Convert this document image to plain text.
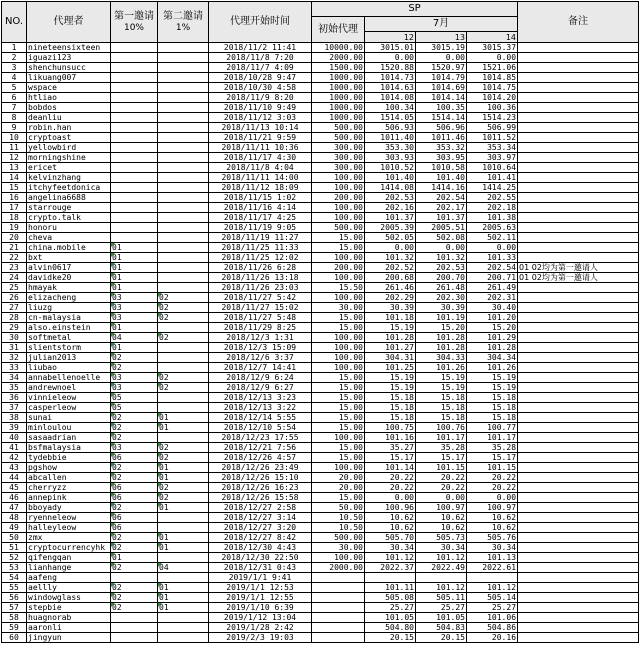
NO.	代理者	第一邀请
10%	第二邀请
1%	代理开始时间	SP				备注
					初始代理	7月			
						12	13	14	
1	nineteensixteen			2018/11/2 11:41	10000.00	3015.01	3015.19	3015.37	
2	iguazi123			2018/11/8 7:20	2000.00	0.00	0.00	0.00	
3	shenchunsucc			2018/11/7 4:09	1500.00	1520.88	1520.97	1521.06	
4	likuang007			2018/10/28 9:47	1000.00	1014.73	1014.79	1014.85	
5	wspace			2018/10/30 4:58	1000.00	1014.63	1014.69	1014.75	
6	htliao			2018/11/9 8:20	1000.00	1014.08	1014.14	1014.20	
7	bobdos			2018/11/10 9:49	1000.00	100.34	100.35	100.36	
8	deanliu			2018/11/12 3:03	1000.00	1514.05	1514.14	1514.23	
9	robin.han			2018/11/13 10:14	500.00	506.93	506.96	506.99	
10	cryptoast			2018/11/21 9:59	500.00	1011.40	1011.46	1011.52	
11	yellowbird			2018/11/11 10:36	300.00	353.30	353.32	353.34	
12	morningshine			2018/11/17 4:30	300.00	303.93	303.95	303.97	
13	ericet			2018/11/8 4:04	300.00	1010.52	1010.58	1010.64	
14	kelvinzhang			2018/11/11 14:00	100.00	101.40	101.40	101.41	
15	itchyfeetdonica			2018/11/12 18:09	100.00	1414.08	1414.16	1414.25	
16	angelina6688			2018/11/15 1:02	200.00	202.53	202.54	202.55	
17	starrouge			2018/11/16 4:14	100.00	202.16	202.17	202.18	
18	crypto.talk			2018/11/17 4:25	100.00	101.37	101.37	101.38	
19	honoru			2018/11/19 9:05	500.00	2005.39	2005.51	2005.63	
20	cheva			2018/11/19 11:27	15.00	502.05	502.08	502.11	
21	china.mobile	01		2018/11/25 11:33	15.00	0.00	0.00	0.00	
22	bxt	01		2018/11/25 12:02	100.00	101.32	101.32	101.33	
23	alvin0617	01		2018/11/26 6:28	200.00	202.52	202.53	202.54	01 02均为第一邀请人
24	davidke20	01		2018/11/26 13:18	100.00	200.68	200.70	200.71	01 02均为第一邀请人
25	hmayak	01		2018/11/26 23:03	15.50	261.46	261.48	261.49	
26	elizacheng	03	02	2018/11/27 5:42	100.00	202.29	202.30	202.31	
27	liuzg	03	02	2018/11/27 15:02	30.00	30.39	30.39	30.40	
28	cn-malaysia	03	02	2018/11/27 5:48	15.00	101.18	101.19	101.20	
29	also.einstein	01		2018/11/29 8:25	15.00	15.19	15.20	15.20	
30	softmetal	04	02	2018/12/3 1:31	100.00	101.28	101.28	101.29	
31	slientstorm	01		2018/12/3 15:09	100.00	101.27	101.28	101.28	
32	julian2013	02		2018/12/6 3:37	100.00	304.31	304.33	304.34	
33	liubao	02		2018/12/7 14:41	100.00	101.25	101.26	101.26	
34	annabellenoelle	03	02	2018/12/9 6:24	15.00	15.19	15.19	15.19	
35	andrewnoel	03	02	2018/12/9 6:27	15.00	15.19	15.19	15.19	
36	vinnieleow	05		2018/12/13 3:23	15.00	15.18	15.18	15.18	
37	casperleow	05		2018/12/13 3:22	15.00	15.18	15.18	15.18	
38	sunai	02	01	2018/12/14 5:55	15.00	15.18	15.18	15.18	
39	minloulou	02	01	2018/12/10 5:54	15.00	100.75	100.76	100.77	
40	sasaadrian	02		2018/12/23 17:55	100.00	101.16	101.17	101.17	
41	bsfmalaysia	03	02	2018/12/21 7:56	15.00	35.27	35.28	35.28	
42	tydebbie	06	02	2018/12/26 4:57	15.00	15.17	15.17	15.17	
43	pgshow	02	01	2018/12/26 23:49	100.00	101.14	101.15	101.15	
44	abcallen	02	01	2018/12/26 15:10	20.00	20.22	20.22	20.22	
45	cherryzz	06	02	2018/12/26 16:23	20.00	20.22	20.22	20.22	
46	annepink	06	02	2018/12/26 15:58	15.00	0.00	0.00	0.00	
47	bboyady	02	01	2018/12/27 2:58	50.00	100.96	100.97	100.97	
48	ryenneleow	06		2018/12/27 3:14	10.50	10.62	10.62	10.62	
49	halleyleow	06		2018/12/27 3:20	10.50	10.62	10.62	10.62	
50	zmx	02	01	2018/12/27 8:42	500.00	505.70	505.73	505.76	
51	cryptocurrencyhk	02	01	2018/12/30 4:43	30.00	30.34	30.34	30.34	
52	qifengqan	01		2018/12/30 22:50	100.00	101.12	101.12	101.13	
53	lianhange	02	04	2018/12/31 0:43	2000.00	2022.37	2022.49	2022.61	
54	aafeng			2019/1/1 9:41					
55	aellly	02	01	2019/1/1 12:53		101.11	101.12	101.12	
56	windowglass	02	01	2019/1/1 12:55		505.08	505.11	505.14	
57	stepbie	02	01	2019/1/10 6:39		25.27	25.27	25.27	
58	huagnorab			2019/1/12 13:04		101.05	101.05	101.06	
59	aaronli			2019/1/28 2:42		504.80	504.83	504.86	
60	jingyun			2019/2/3 19:03		20.15	20.15	20.16	
